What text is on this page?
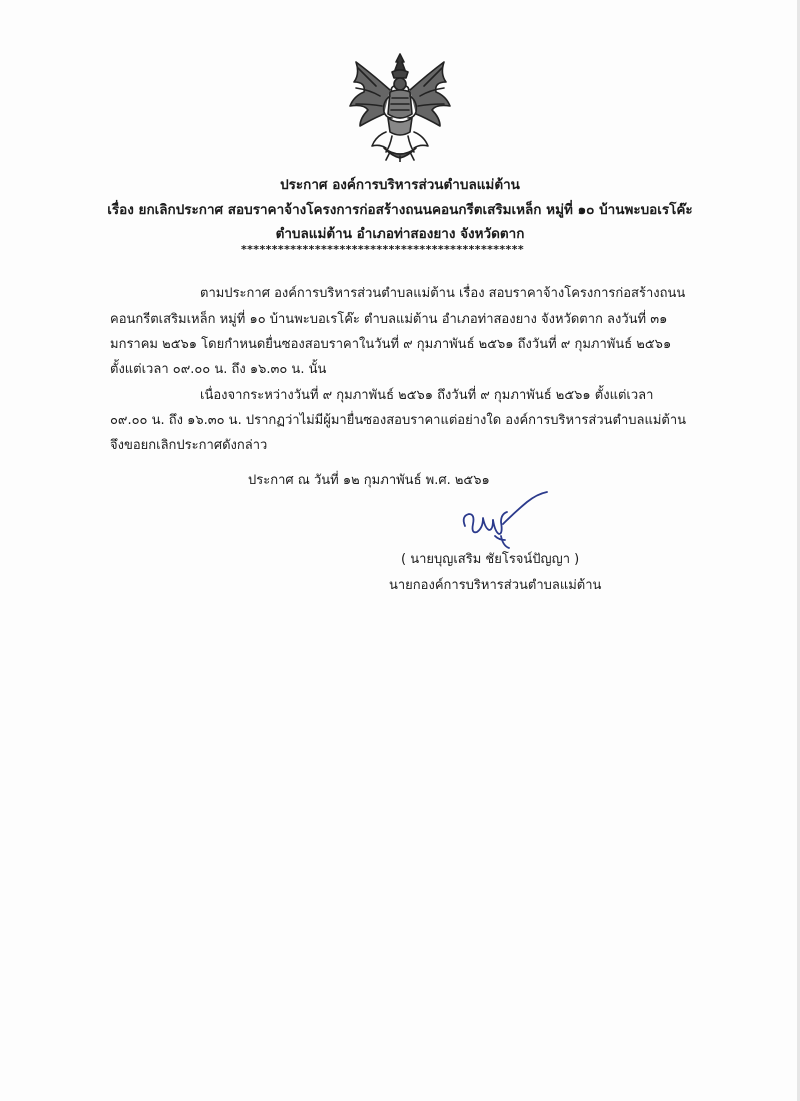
ประกาศ องค์การบริหารส่วนตำบลแม่ต้าน
เรื่อง ยกเลิกประกาศ สอบราคาจ้างโครงการก่อสร้างถนนคอนกรีตเสริมเหล็ก หมู่ที่ ๑๐ บ้านพะบอเรโค๊ะ
ตำบลแม่ต้าน อำเภอท่าสองยาง จังหวัดตาก
**********************************************
ตามประกาศ องค์การบริหารส่วนตำบลแม่ต้าน เรื่อง สอบราคาจ้างโครงการก่อสร้างถนน
คอนกรีตเสริมเหล็ก หมู่ที่ ๑๐ บ้านพะบอเรโค๊ะ ตำบลแม่ต้าน อำเภอท่าสองยาง จังหวัดตาก ลงวันที่ ๓๑
มกราคม ๒๕๖๑ โดยกำหนดยื่นซองสอบราคาในวันที่ ๙ กุมภาพันธ์ ๒๕๖๑ ถึงวันที่ ๙ กุมภาพันธ์ ๒๕๖๑
ตั้งแต่เวลา ๐๙.๐๐ น. ถึง ๑๖.๓๐ น. นั้น
เนื่องจากระหว่างวันที่ ๙ กุมภาพันธ์ ๒๕๖๑ ถึงวันที่ ๙ กุมภาพันธ์ ๒๕๖๑ ตั้งแต่เวลา
๐๙.๐๐ น. ถึง ๑๖.๓๐ น. ปรากฏว่าไม่มีผู้มายื่นซองสอบราคาแต่อย่างใด องค์การบริหารส่วนตำบลแม่ต้าน
จึงขอยกเลิกประกาศดังกล่าว
ประกาศ ณ วันที่ ๑๒ กุมภาพันธ์ พ.ศ. ๒๕๖๑
( นายบุญเสริม ชัยโรจน์ปัญญา )
นายกองค์การบริหารส่วนตำบลแม่ต้าน
